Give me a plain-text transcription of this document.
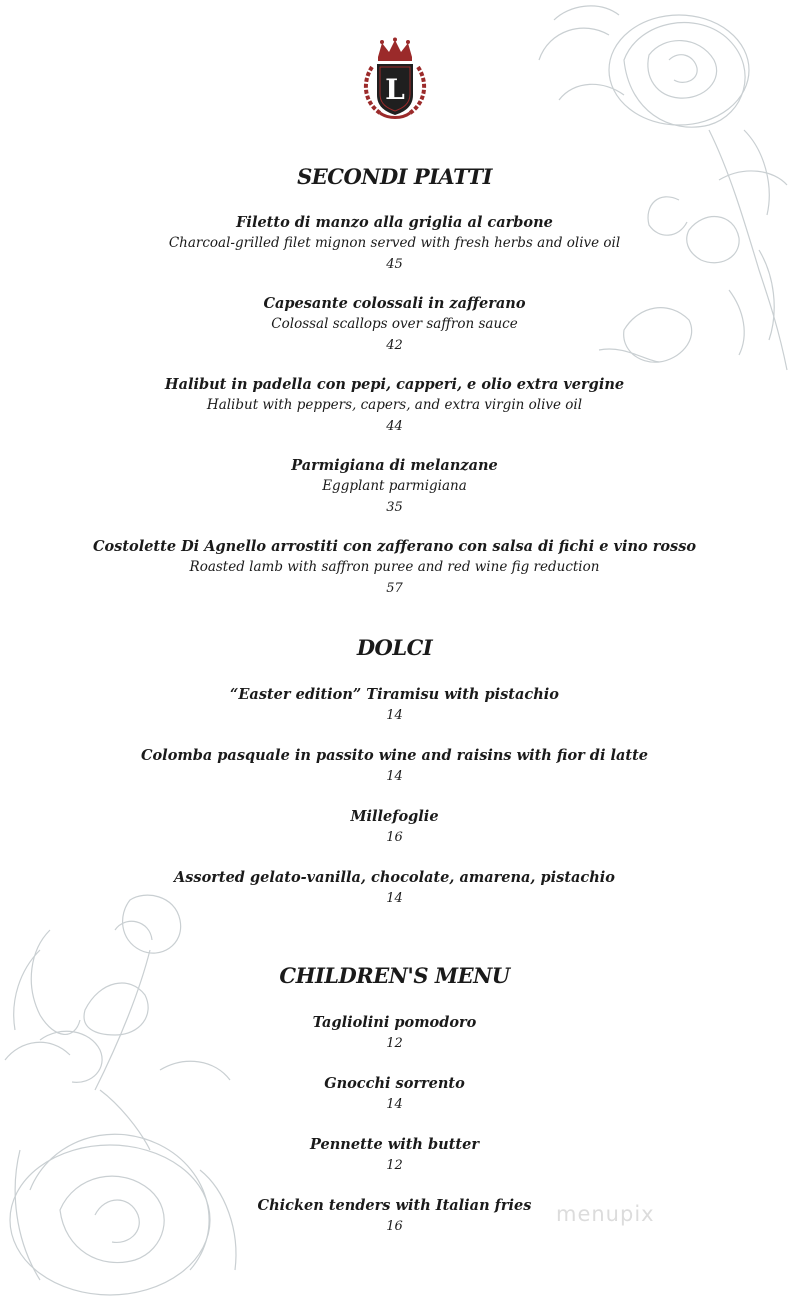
L
SECONDI PIATTI
Filetto di manzo alla griglia al carbone
Charcoal-grilled filet mignon served with fresh herbs and olive oil
45
Capesante colossali in zafferano
Colossal scallops over saffron sauce
42
Halibut in padella con pepi, capperi, e olio extra vergine
Halibut with peppers, capers, and extra virgin olive oil
44
Parmigiana di melanzane
Eggplant parmigiana
35
Costolette Di Agnello arrostiti con zafferano con salsa di fichi e vino rosso
Roasted lamb with saffron puree and red wine fig reduction
57
DOLCI
“Easter edition” Tiramisu with pistachio
14
Colomba pasquale in passito wine and raisins with fior di latte
14
Millefoglie
16
Assorted gelato-vanilla, chocolate, amarena, pistachio
14
CHILDREN'S MENU
Tagliolini pomodoro
12
Gnocchi sorrento
14
Pennette with butter
12
Chicken tenders with Italian fries
16
menupix
